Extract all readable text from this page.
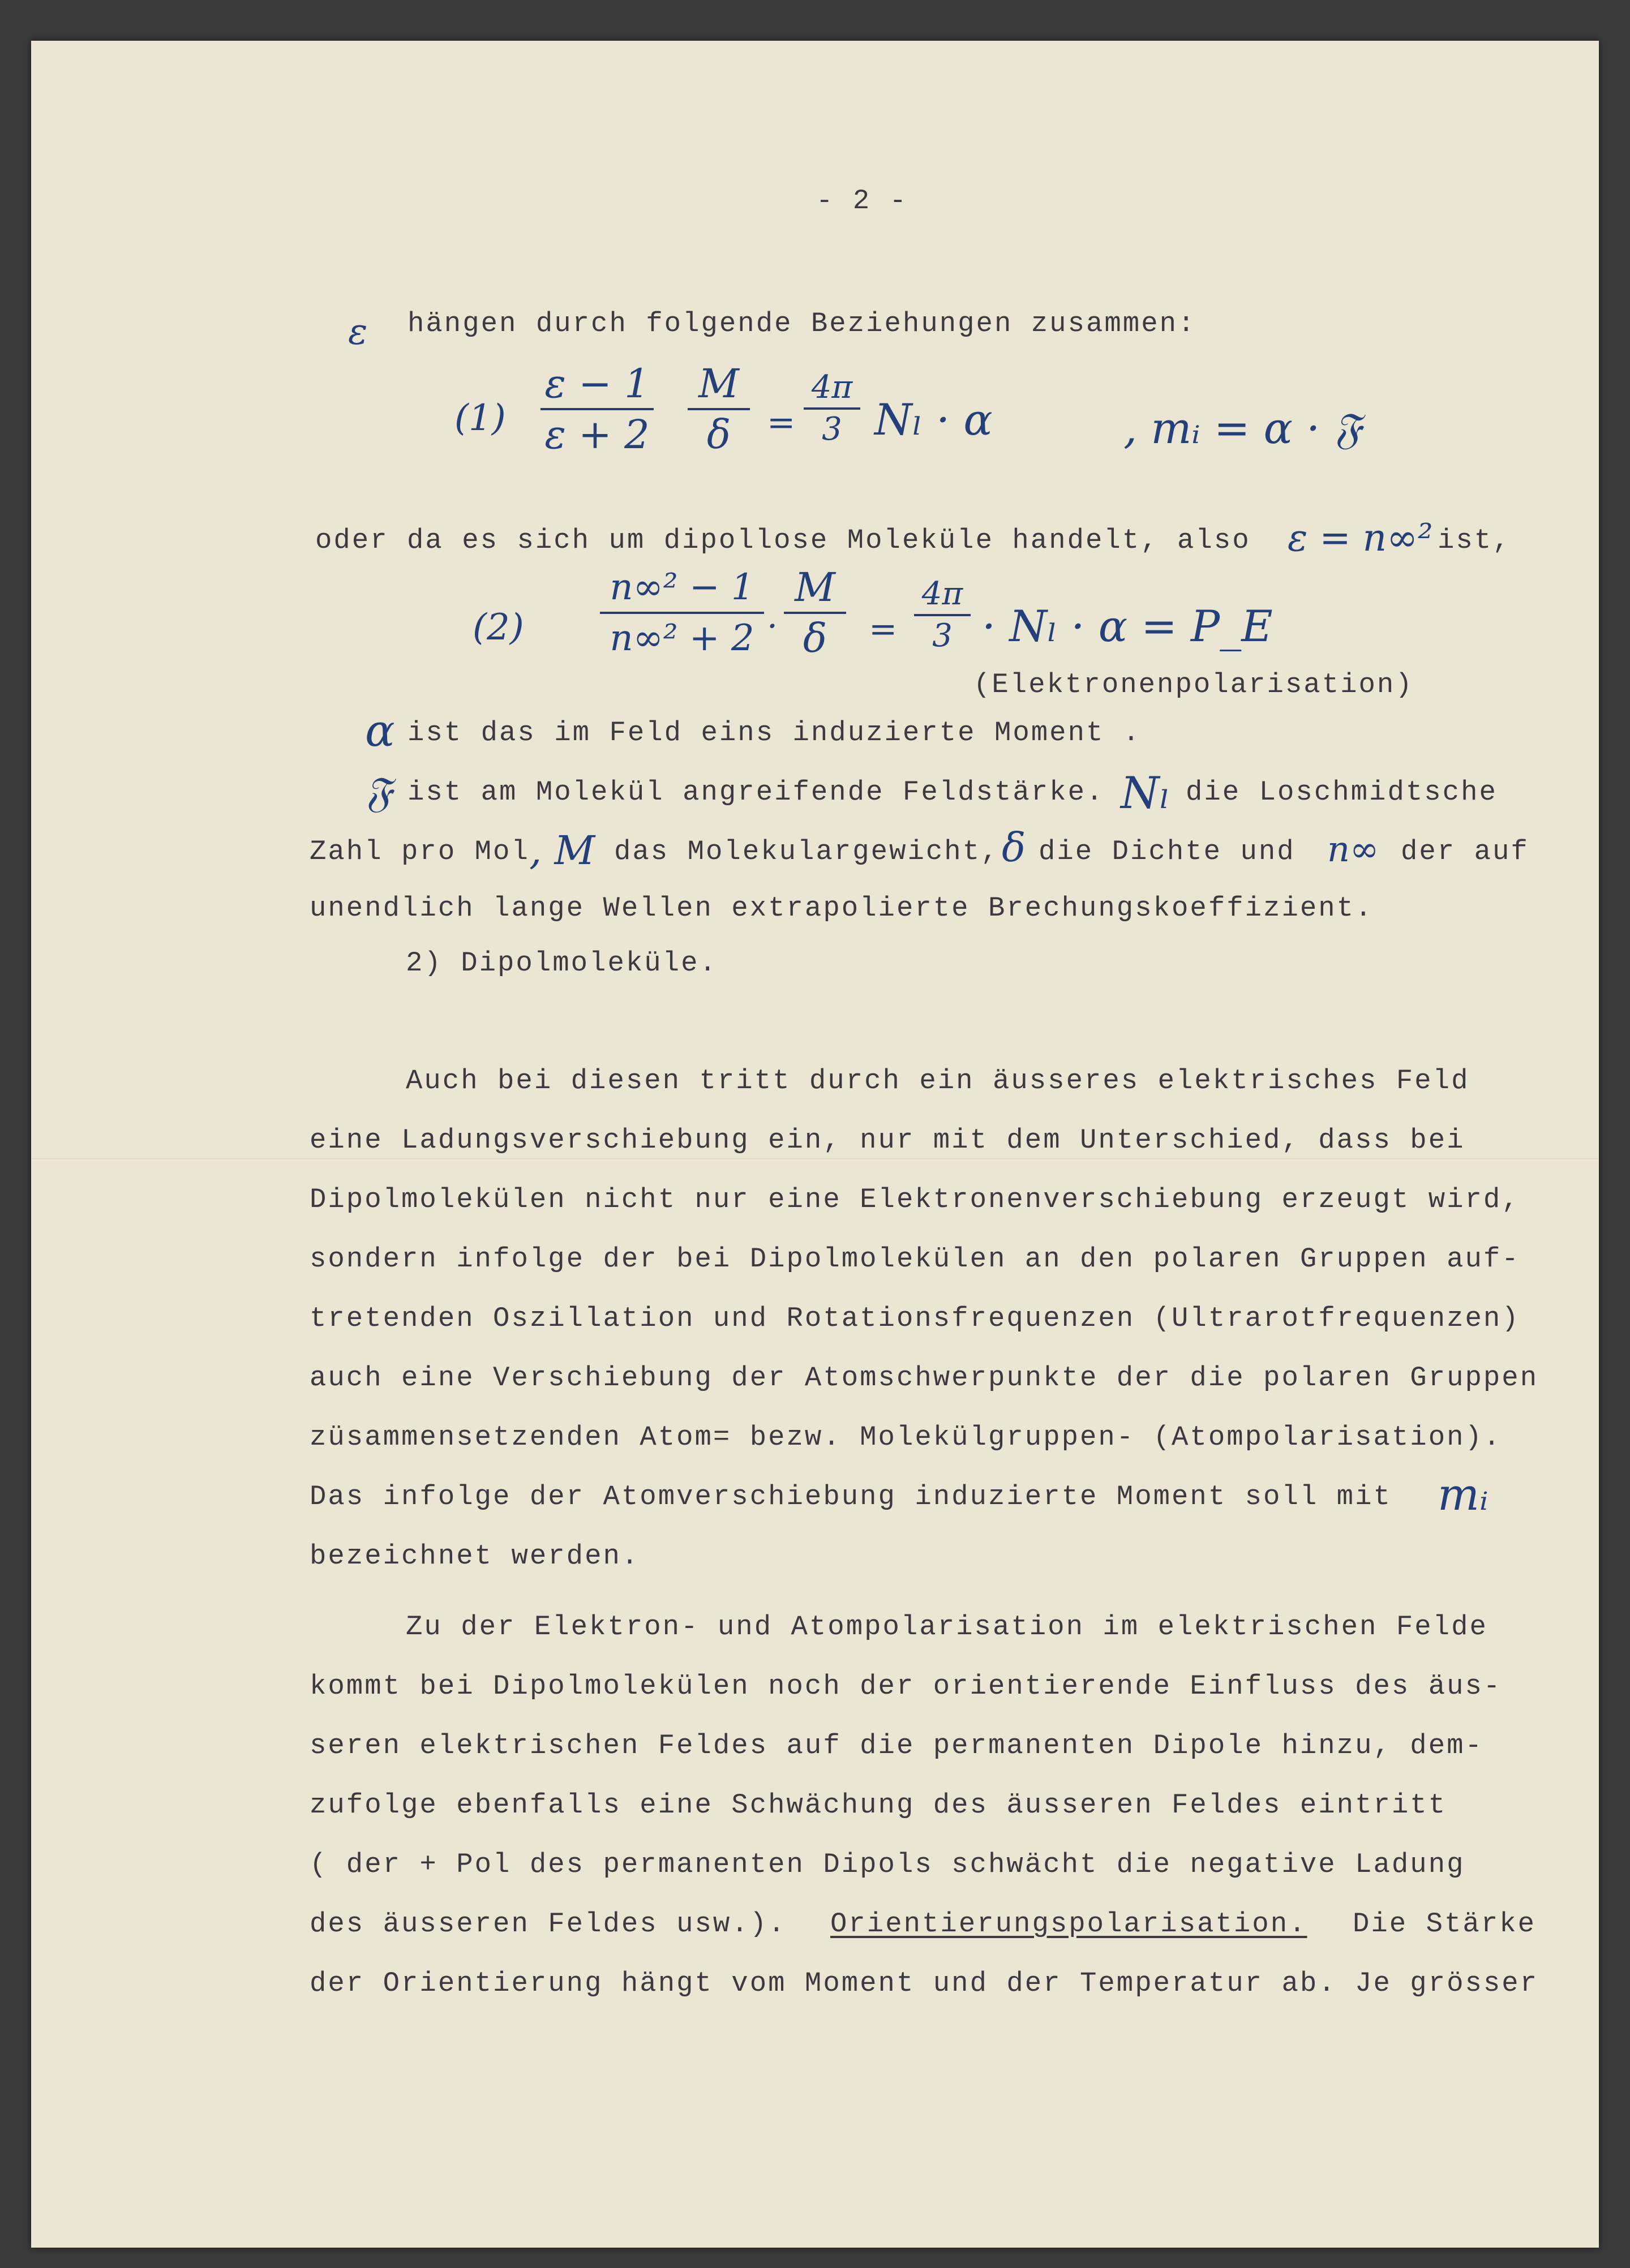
- 2 -

ε hängen durch folgende Beziehungen zusammen:

(1)

ε − 1
ε + 2
M
δ	=

4π
3 Nₗ · α	, mᵢ = α · 𝔉

oder da es sich um dipollose Moleküle handelt, also ε = n∞² ist,

(2)

n∞² − 1
n∞² + 2 ·

M
δ	=

4π
3 · Nₗ · α = P_E

(Elektronenpolarisation)

α ist das im Feld eins induzierte Moment .

𝔉 ist am Molekül angreifende Feldstärke. Nₗ die Loschmidtsche

Zahl pro Mol , M das Molekulargewicht, δ die Dichte und n∞ der auf

unendlich lange Wellen extrapolierte Brechungskoeffizient.

2) Dipolmoleküle.

Auch bei diesen tritt durch ein äusseres elektrisches Feld

eine Ladungsverschiebung ein, nur mit dem Unterschied, dass bei

Dipolmolekülen nicht nur eine Elektronenverschiebung erzeugt wird,

sondern infolge der bei Dipolmolekülen an den polaren Gruppen auf-

tretenden Oszillation und Rotationsfrequenzen (Ultrarotfrequenzen)

auch eine Verschiebung der Atomschwerpunkte der die polaren Gruppen

züsammensetzenden Atom= bezw. Molekülgruppen- (Atompolarisation).

Das infolge der Atomverschiebung induzierte Moment soll mit mᵢ

bezeichnet werden.

Zu der Elektron- und Atompolarisation im elektrischen Felde

kommt bei Dipolmolekülen noch der orientierende Einfluss des äus-

seren elektrischen Feldes auf die permanenten Dipole hinzu, dem-

zufolge ebenfalls eine Schwächung des äusseren Feldes eintritt

( der + Pol des permanenten Dipols schwächt die negative Ladung

des äusseren Feldes usw.). Orientierungspolarisation. Die Stärke

der Orientierung hängt vom Moment und der Temperatur ab. Je grösser
